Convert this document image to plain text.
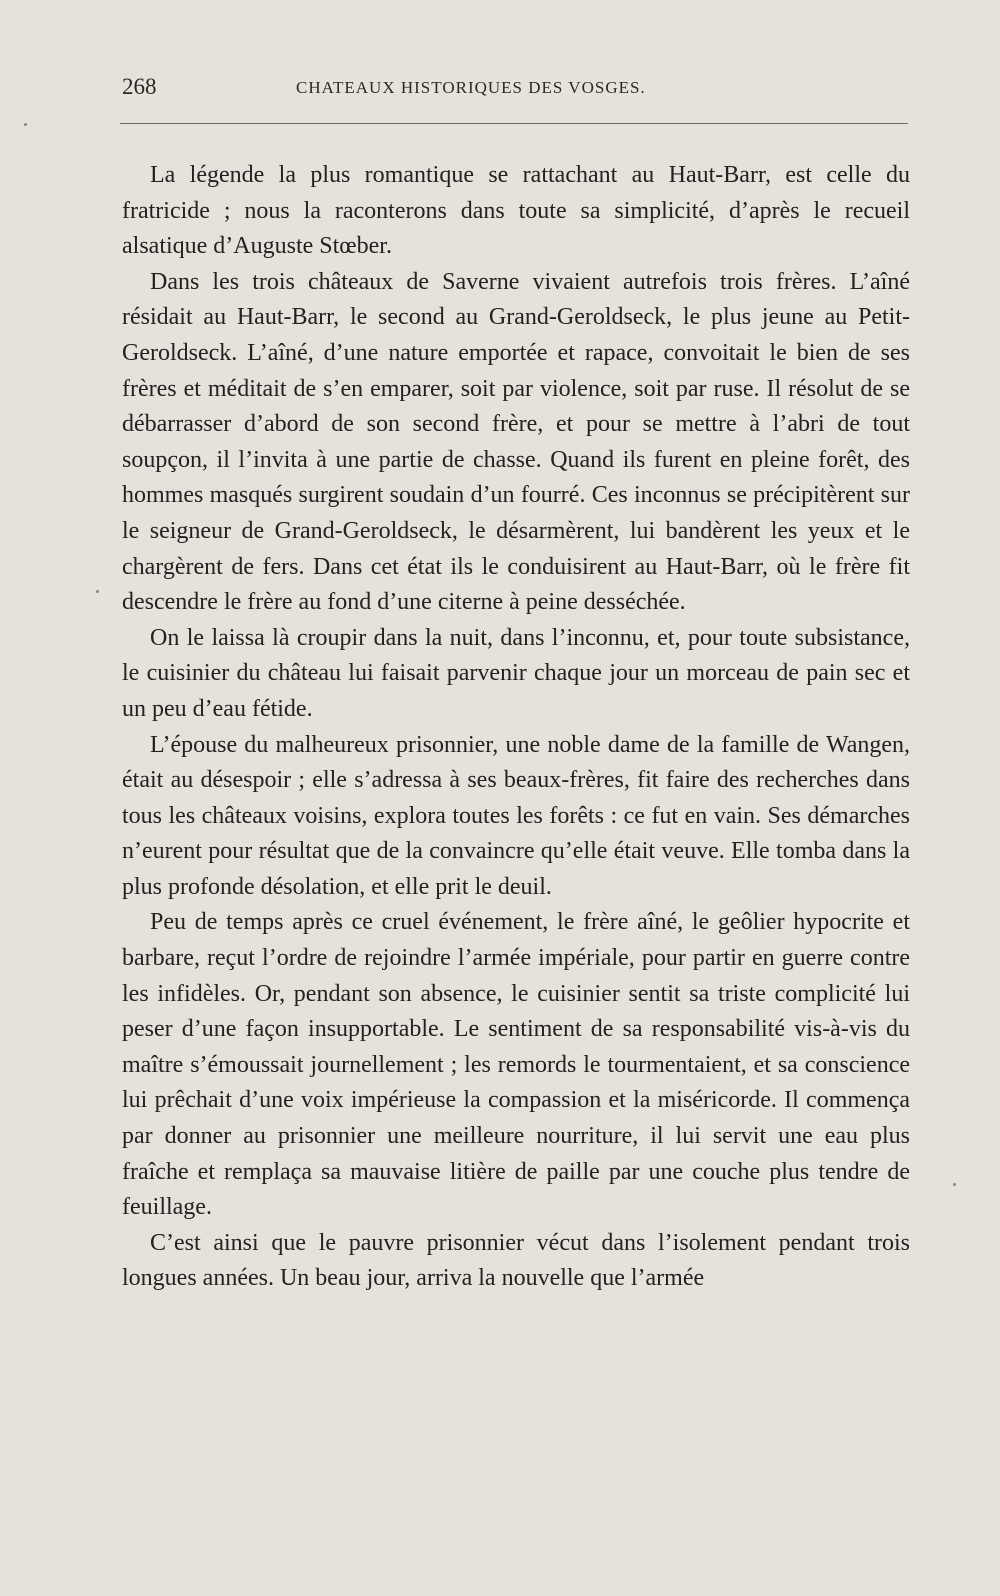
268	CHATEAUX HISTORIQUES DES VOSGES.

La légende la plus romantique se rattachant au Haut-Barr, est celle du fratricide ; nous la raconterons dans toute sa simplicité, d’après le recueil alsatique d’Auguste Stœber.

Dans les trois châteaux de Saverne vivaient autrefois trois frères. L’aîné résidait au Haut-Barr, le second au Grand-Geroldseck, le plus jeune au Petit-Geroldseck. L’aîné, d’une nature emportée et rapace, convoitait le bien de ses frères et méditait de s’en emparer, soit par violence, soit par ruse. Il résolut de se débarrasser d’abord de son second frère, et pour se mettre à l’abri de tout soupçon, il l’invita à une partie de chasse. Quand ils furent en pleine forêt, des hommes masqués surgirent soudain d’un fourré. Ces inconnus se précipitèrent sur le seigneur de Grand-Geroldseck, le désarmèrent, lui bandèrent les yeux et le chargèrent de fers. Dans cet état ils le conduisirent au Haut-Barr, où le frère fit descendre le frère au fond d’une citerne à peine desséchée.

On le laissa là croupir dans la nuit, dans l’inconnu, et, pour toute subsistance, le cuisinier du château lui faisait parvenir chaque jour un morceau de pain sec et un peu d’eau fétide.

L’épouse du malheureux prisonnier, une noble dame de la famille de Wangen, était au désespoir ; elle s’adressa à ses beaux-frères, fit faire des recherches dans tous les châteaux voisins, explora toutes les forêts : ce fut en vain. Ses démarches n’eurent pour résultat que de la convaincre qu’elle était veuve. Elle tomba dans la plus profonde désolation, et elle prit le deuil.

Peu de temps après ce cruel événement, le frère aîné, le geôlier hypocrite et barbare, reçut l’ordre de rejoindre l’armée impériale, pour partir en guerre contre les infidèles. Or, pendant son absence, le cuisinier sentit sa triste complicité lui peser d’une façon insupportable. Le sentiment de sa responsabilité vis-à-vis du maître s’émoussait journellement ; les remords le tourmentaient, et sa conscience lui prêchait d’une voix impérieuse la compassion et la miséricorde. Il commença par donner au prisonnier une meilleure nourriture, il lui servit une eau plus fraîche et remplaça sa mauvaise litière de paille par une couche plus tendre de feuillage.

C’est ainsi que le pauvre prisonnier vécut dans l’isolement pendant trois longues années. Un beau jour, arriva la nouvelle que l’armée
